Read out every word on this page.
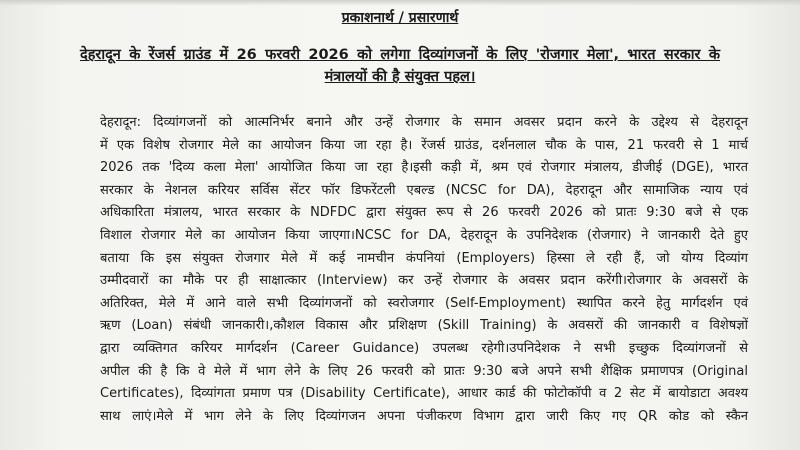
प्रकाशनार्थ / प्रसारणार्थ
देहरादून के रेंजर्स ग्राउंड में 26 फरवरी 2026 को लगेगा दिव्यांगजनों के लिए 'रोजगार मेला', भारत सरकार के
मंत्रालयों की है संयुक्त पहल।
देहरादून: दिव्यांगजनों को आत्मनिर्भर बनाने और उन्हें रोजगार के समान अवसर प्रदान करने के उद्देश्य से देहरादून
में एक विशेष रोजगार मेले का आयोजन किया जा रहा है। रेंजर्स ग्राउंड, दर्शनलाल चौक के पास, 21 फरवरी से 1 मार्च
2026 तक 'दिव्य कला मेला' आयोजित किया जा रहा है।इसी कड़ी में, श्रम एवं रोजगार मंत्रालय, डीजीई (DGE), भारत
सरकार के नेशनल करियर सर्विस सेंटर फॉर डिफरेंटली एबल्ड (NCSC for DA), देहरादून और सामाजिक न्याय एवं
अधिकारिता मंत्रालय, भारत सरकार के NDFDC द्वारा संयुक्त रूप से 26 फरवरी 2026 को प्रातः 9:30 बजे से एक
विशाल रोजगार मेले का आयोजन किया जाएगा।NCSC for DA, देहरादून के उपनिदेशक (रोजगार) ने जानकारी देते हुए
बताया कि इस संयुक्त रोजगार मेले में कई नामचीन कंपनियां (Employers) हिस्सा ले रही हैं, जो योग्य दिव्यांग
उम्मीदवारों का मौके पर ही साक्षात्कार (Interview) कर उन्हें रोजगार के अवसर प्रदान करेंगी।रोजगार के अवसरों के
अतिरिक्त, मेले में आने वाले सभी दिव्यांगजनों को स्वरोजगार (Self-Employment) स्थापित करने हेतु मार्गदर्शन एवं
ऋण (Loan) संबंधी जानकारी।,कौशल विकास और प्रशिक्षण (Skill Training) के अवसरों की जानकारी व विशेषज्ञों
द्वारा व्यक्तिगत करियर मार्गदर्शन (Career Guidance) उपलब्ध रहेगी।उपनिदेशक ने सभी इच्छुक दिव्यांगजनों से
अपील की है कि वे मेले में भाग लेने के लिए 26 फरवरी को प्रातः 9:30 बजे अपने सभी शैक्षिक प्रमाणपत्र (Original
Certificates), दिव्यांगता प्रमाण पत्र (Disability Certificate), आधार कार्ड की फोटोकॉपी व 2 सेट में बायोडाटा अवश्य
साथ लाएं।मेले में भाग लेने के लिए दिव्यांगजन अपना पंजीकरण विभाग द्वारा जारी किए गए QR कोड को स्कैन
